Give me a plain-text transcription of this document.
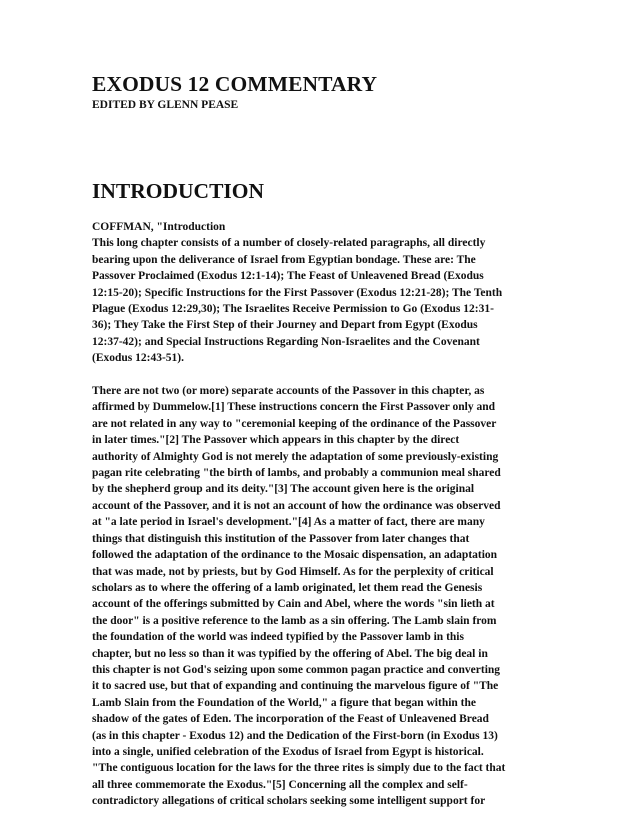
EXODUS 12 COMMENTARY
EDITED BY GLENN PEASE
INTRODUCTION
COFFMAN, "Introduction

This long chapter consists of a number of closely-related paragraphs, all directly
bearing upon the deliverance of Israel from Egyptian bondage. These are: The
Passover Proclaimed (Exodus 12:1-14); The Feast of Unleavened Bread (Exodus
12:15-20); Specific Instructions for the First Passover (Exodus 12:21-28); The Tenth
Plague (Exodus 12:29,30); The Israelites Receive Permission to Go (Exodus 12:31-
36); They Take the First Step of their Journey and Depart from Egypt (Exodus
12:37-42); and Special Instructions Regarding Non-Israelites and the Covenant
(Exodus 12:43-51).

There are not two (or more) separate accounts of the Passover in this chapter, as
affirmed by Dummelow.[1] These instructions concern the First Passover only and
are not related in any way to "ceremonial keeping of the ordinance of the Passover
in later times."[2] The Passover which appears in this chapter by the direct
authority of Almighty God is not merely the adaptation of some previously-existing
pagan rite celebrating "the birth of lambs, and probably a communion meal shared
by the shepherd group and its deity."[3] The account given here is the original
account of the Passover, and it is not an account of how the ordinance was observed
at "a late period in Israel's development."[4] As a matter of fact, there are many
things that distinguish this institution of the Passover from later changes that
followed the adaptation of the ordinance to the Mosaic dispensation, an adaptation
that was made, not by priests, but by God Himself. As for the perplexity of critical
scholars as to where the offering of a lamb originated, let them read the Genesis
account of the offerings submitted by Cain and Abel, where the words "sin lieth at
the door" is a positive reference to the lamb as a sin offering. The Lamb slain from
the foundation of the world was indeed typified by the Passover lamb in this
chapter, but no less so than it was typified by the offering of Abel. The big deal in
this chapter is not God's seizing upon some common pagan practice and converting
it to sacred use, but that of expanding and continuing the marvelous figure of "The
Lamb Slain from the Foundation of the World," a figure that began within the
shadow of the gates of Eden. The incorporation of the Feast of Unleavened Bread
(as in this chapter - Exodus 12) and the Dedication of the First-born (in Exodus 13)
into a single, unified celebration of the Exodus of Israel from Egypt is historical.
"The contiguous location for the laws for the three rites is simply due to the fact that
all three commemorate the Exodus."[5] Concerning all the complex and self-
contradictory allegations of critical scholars seeking some intelligent support for
